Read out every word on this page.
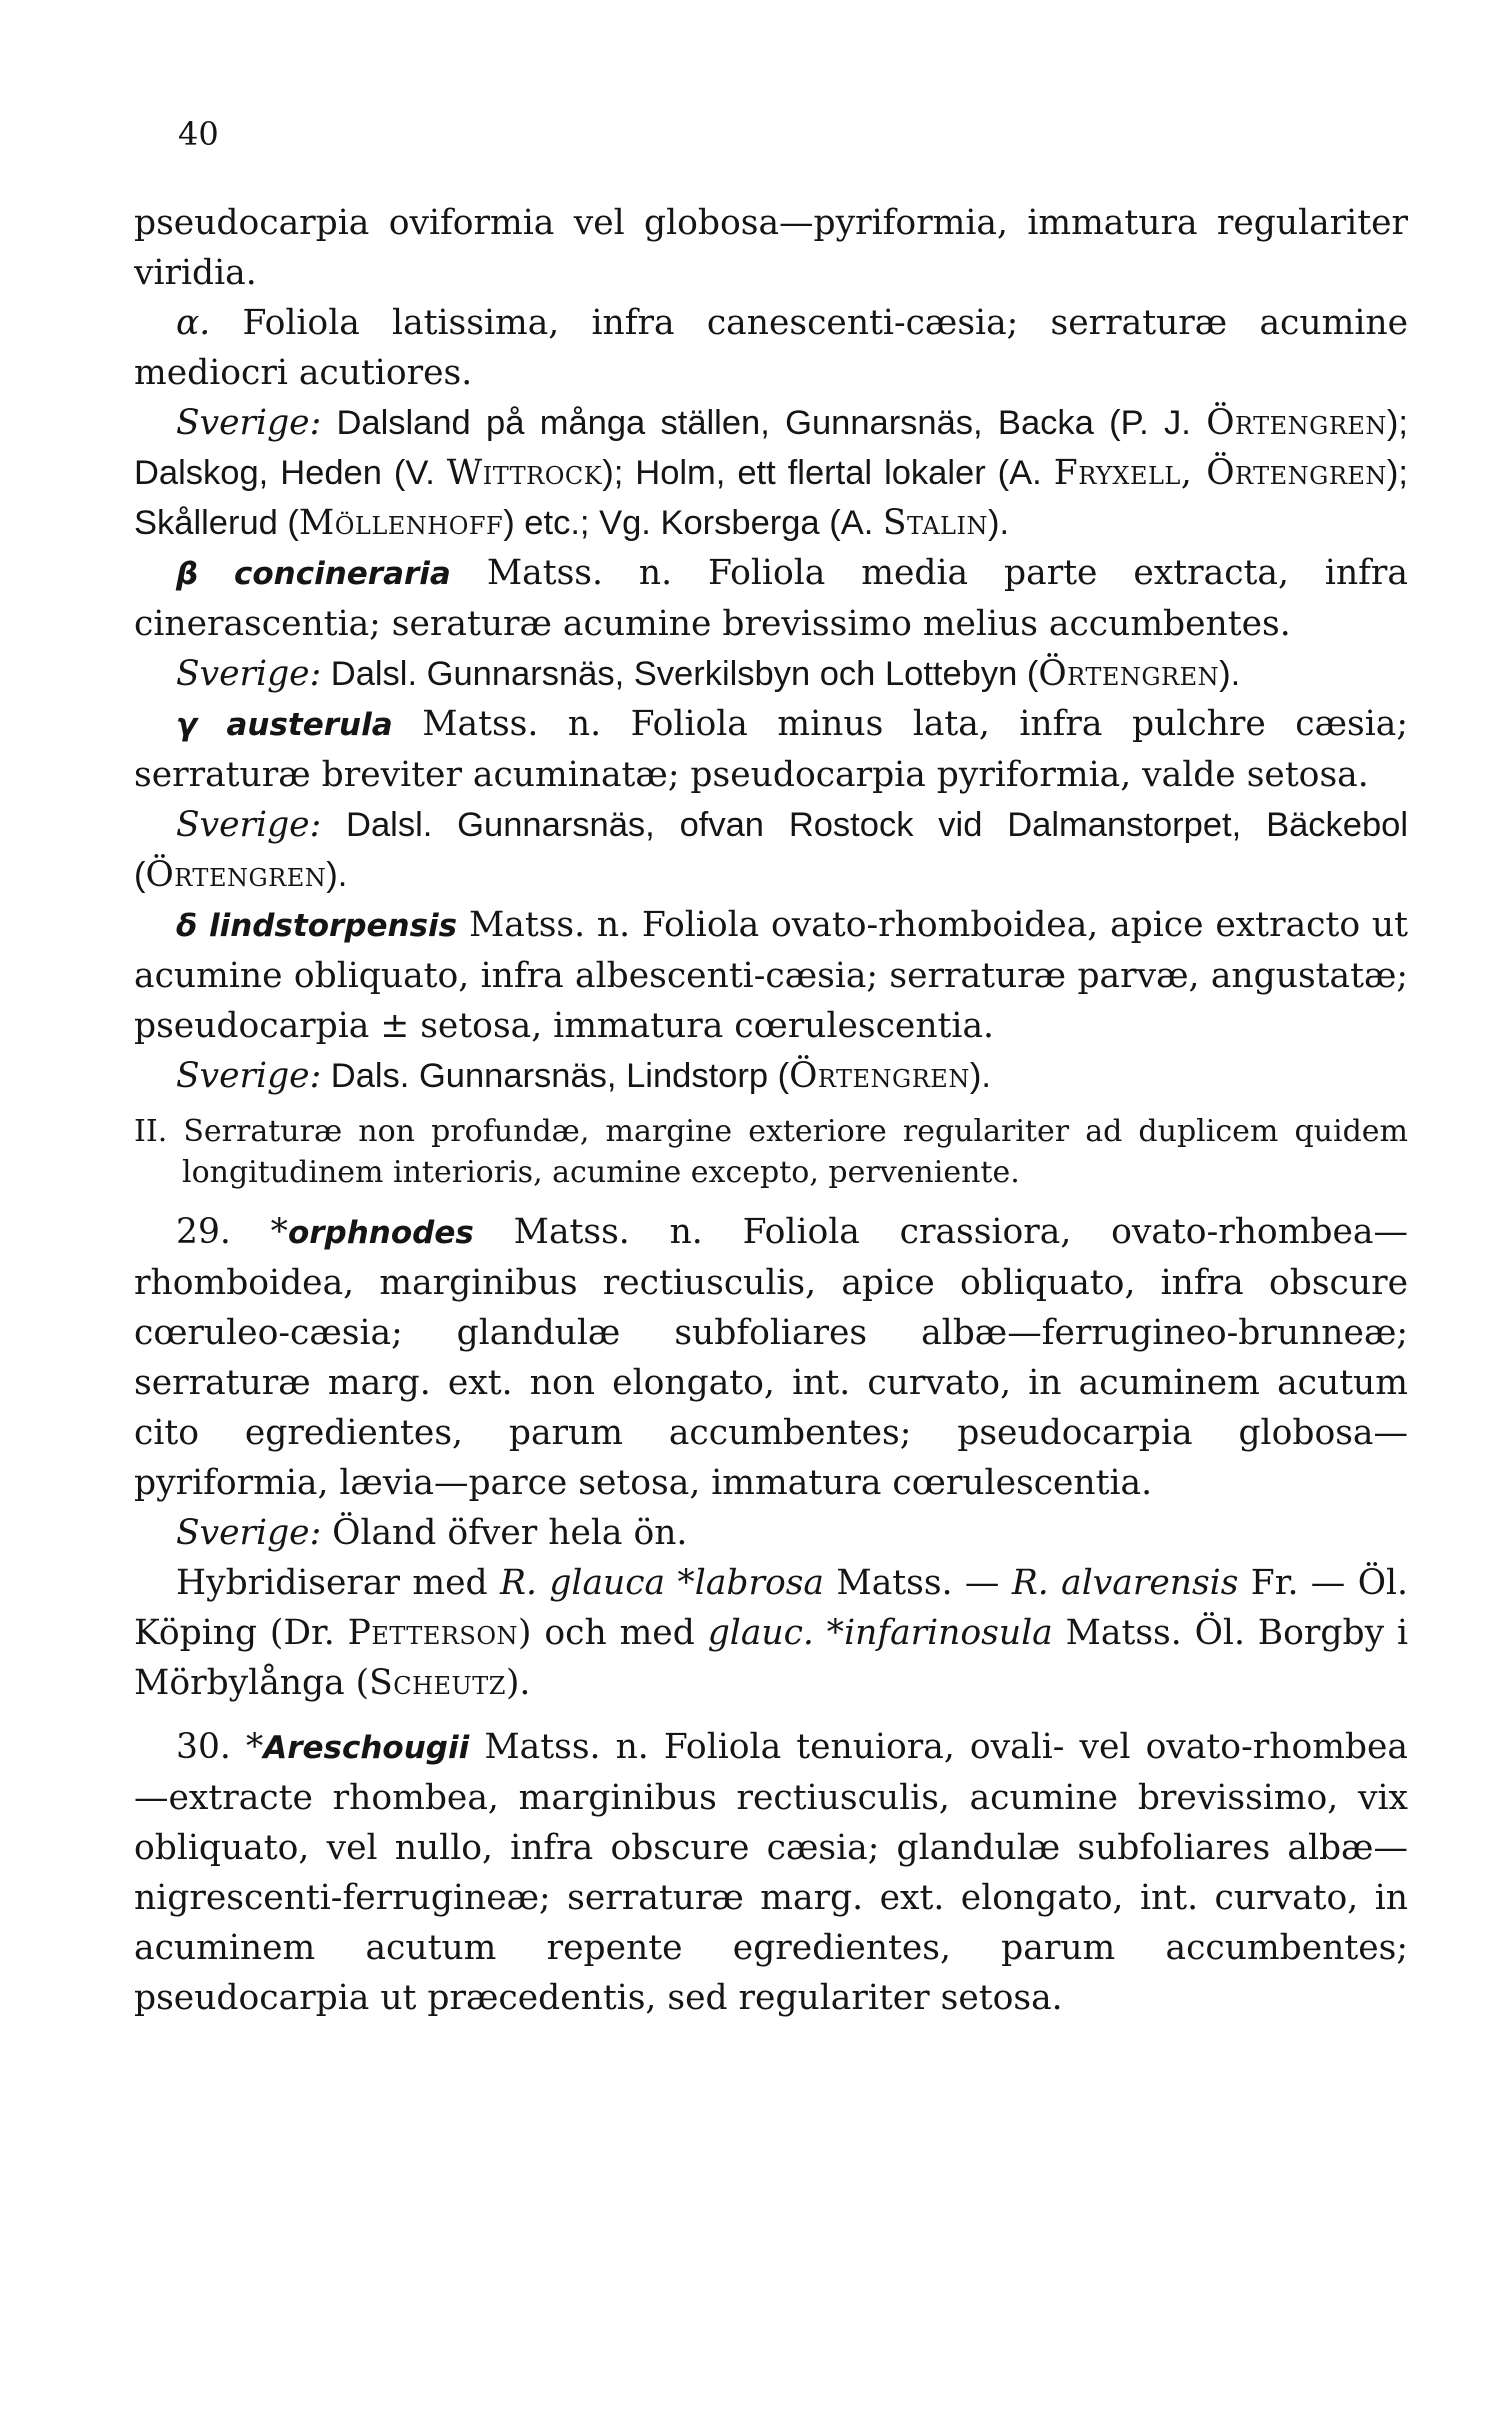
40

pseudocarpia oviformia vel globosa—pyriformia, immatura regulariter viridia.

α. Foliola latissima, infra canescenti-cæsia; serraturæ acumine mediocri acutiores.

Sverige: Dalsland på många ställen, Gunnarsnäs, Backa (P. J. Örtengren); Dalskog, Heden (V. Wittrock); Holm, ett flertal lokaler (A. Fryxell, Örtengren); Skållerud (Möllenhoff) etc.; Vg. Korsberga (A. Stalin).

β concineraria Matss. n. Foliola media parte extracta, infra cinerascentia; seraturæ acumine brevissimo melius accumbentes.

Sverige: Dalsl. Gunnarsnäs, Sverkilsbyn och Lottebyn (Örtengren).

γ austerula Matss. n. Foliola minus lata, infra pulchre cæsia; serraturæ breviter acuminatæ; pseudocarpia pyriformia, valde setosa.

Sverige: Dalsl. Gunnarsnäs, ofvan Rostock vid Dalmanstorpet, Bäckebol (Örtengren).

δ lindstorpensis Matss. n. Foliola ovato-rhomboidea, apice extracto ut acumine obliquato, infra albescenti-cæsia; serraturæ parvæ, angustatæ; pseudocarpia ± setosa, immatura cœrulescentia.

Sverige: Dals. Gunnarsnäs, Lindstorp (Örtengren).

II. Serraturæ non profundæ, margine exteriore regulariter ad duplicem quidem longitudinem interioris, acumine excepto, perveniente.

29. *orphnodes Matss. n. Foliola crassiora, ovato-rhombea—rhomboidea, marginibus rectiusculis, apice obliquato, infra obscure cœruleo-cæsia; glandulæ subfoliares albæ—ferrugineo-brunneæ; serraturæ marg. ext. non elongato, int. curvato, in acuminem acutum cito egredientes, parum accumbentes; pseudocarpia globosa—pyriformia, lævia—parce setosa, immatura cœrulescentia.

Sverige: Öland öfver hela ön.

Hybridiserar med R. glauca *labrosa Matss. — R. alvarensis Fr. — Öl. Köping (Dr. Petterson) och med glauc. *infarinosula Matss. Öl. Borgby i Mörbylånga (Scheutz).

30. *Areschougii Matss. n. Foliola tenuiora, ovali- vel ovato-rhombea—extracte rhombea, marginibus rectiusculis, acumine brevissimo, vix obliquato, vel nullo, infra obscure cæsia; glandulæ subfoliares albæ—nigrescenti-ferrugineæ; serraturæ marg. ext. elongato, int. curvato, in acuminem acutum repente egredientes, parum accumbentes; pseudocarpia ut præcedentis, sed regulariter setosa.
